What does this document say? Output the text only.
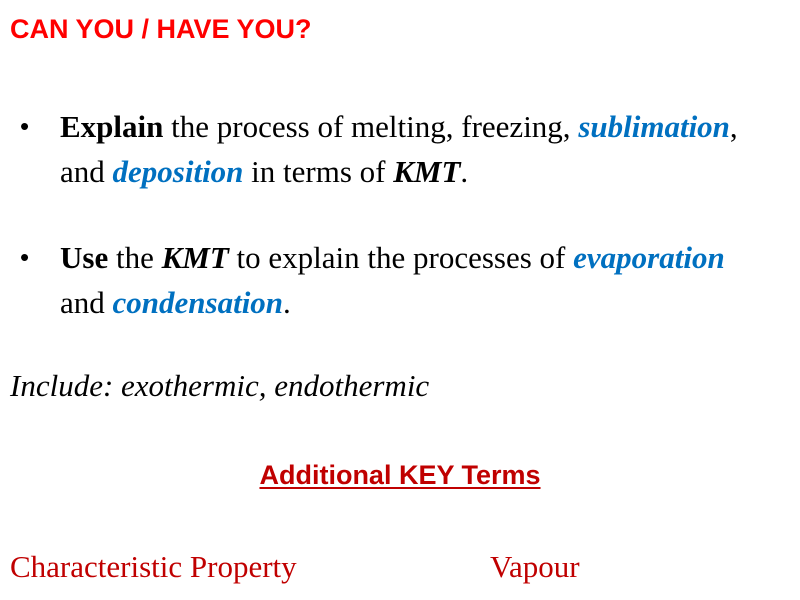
CAN YOU / HAVE YOU?
• Explain the process of melting, freezing, sublimation, and deposition in terms of KMT.
• Use the KMT to explain the processes of evaporation and condensation.
Include: exothermic, endothermic
Additional KEY Terms
Characteristic Property	Vapour
